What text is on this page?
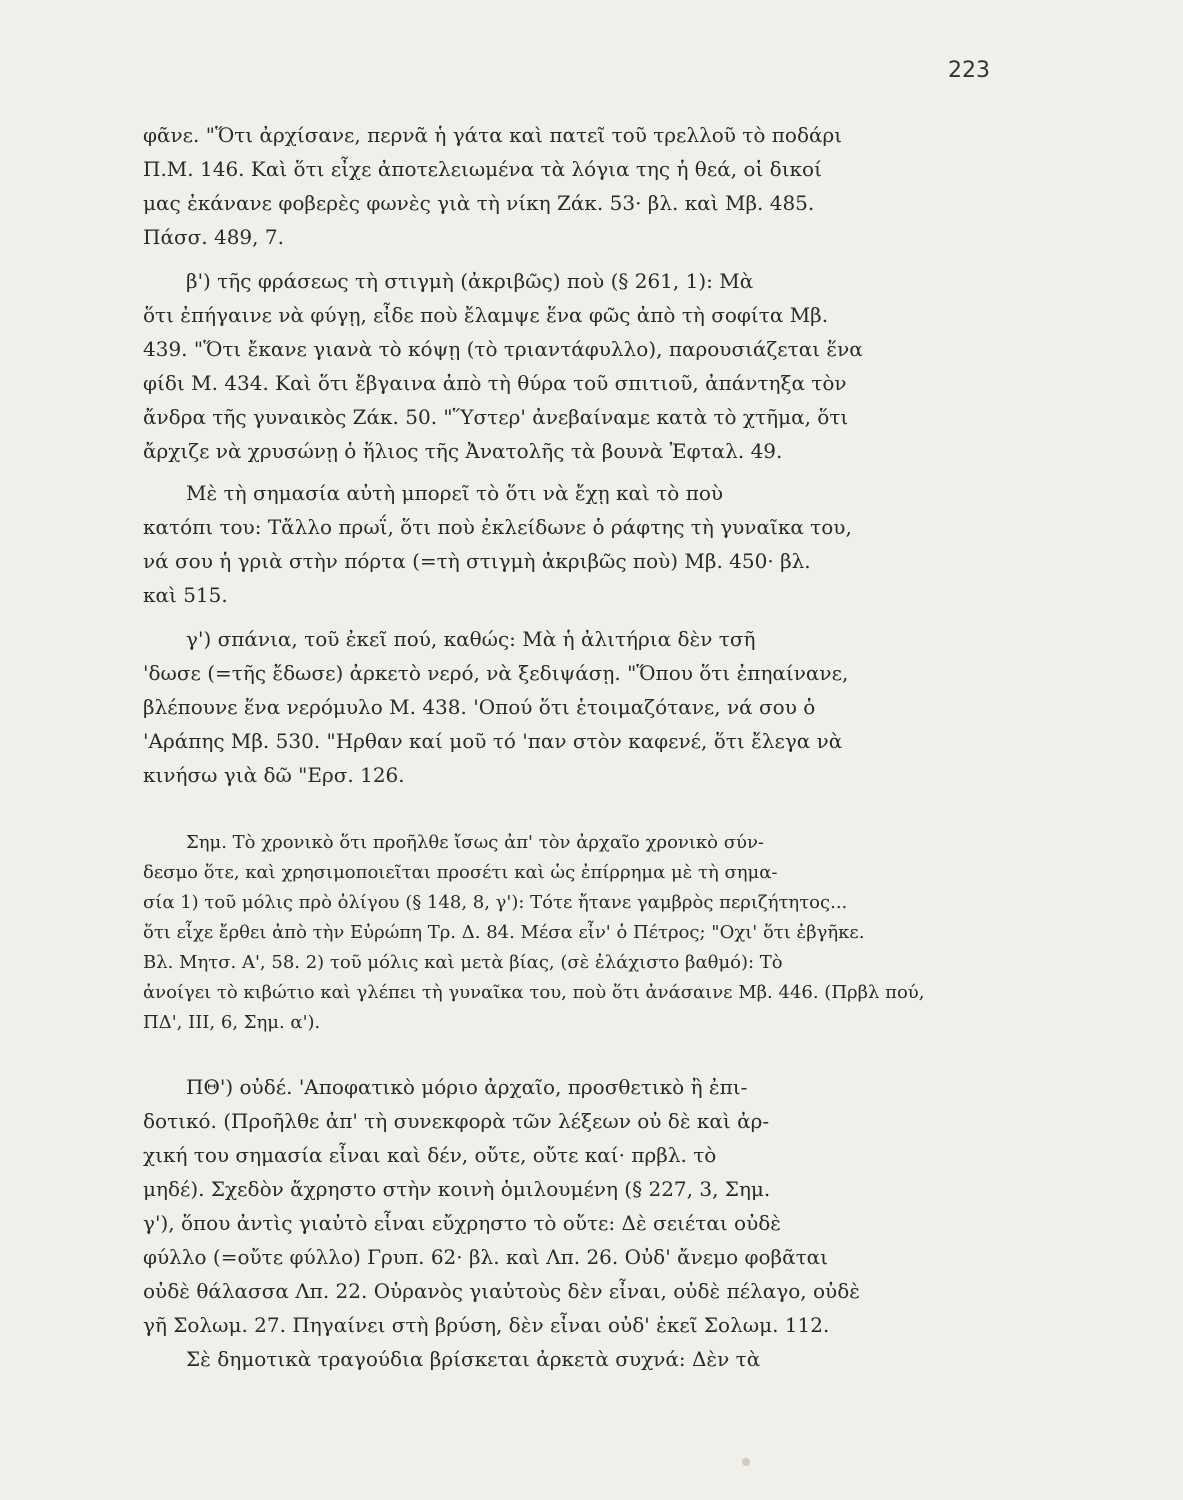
223
φᾶνε. "Ὅτι ἀρχίσανε, περνᾶ ἡ γάτα καὶ πατεῖ τοῦ τρελλοῦ τὸ ποδάρι
Π.Μ. 146. Καὶ ὅτι εἶχε ἀποτελειωμένα τὰ λόγια της ἡ θεά, οἱ δικοί
μας ἐκάνανε φοβερὲς φωνὲς γιὰ τὴ νίκη Ζάκ. 53· βλ. καὶ Μβ. 485.
Πάσσ. 489, 7.
β') τῆς φράσεως τὴ στιγμὴ (ἀκριβῶς) ποὺ (§ 261, 1): Μὰ
ὅτι ἐπήγαινε νὰ φύγῃ, εἶδε ποὺ ἔλαμψε ἕνα φῶς ἀπὸ τὴ σοφίτα Μβ.
439. "Ὅτι ἔκανε γιανὰ τὸ κόψῃ (τὸ τριαντάφυλλο), παρουσιάζεται ἕνα
φίδι Μ. 434. Καὶ ὅτι ἔβγαινα ἀπὸ τὴ θύρα τοῦ σπιτιοῦ, ἀπάντηξα τὸν
ἄνδρα τῆς γυναικὸς Ζάκ. 50. "Ὕστερ' ἀνεβαίναμε κατὰ τὸ χτῆμα, ὅτι
ἄρχιζε νὰ χρυσώνῃ ὁ ἥλιος τῆς Ἀνατολῆς τὰ βουνὰ Ἐφταλ. 49.
Μὲ τὴ σημασία αὐτὴ μπορεῖ τὸ ὅτι νὰ ἔχῃ καὶ τὸ ποὺ
κατόπι του: Τἄλλο πρωΐ, ὅτι ποὺ ἐκλείδωνε ὁ ράφτης τὴ γυναῖκα του,
νά σου ἡ γριὰ στὴν πόρτα (=τὴ στιγμὴ ἀκριβῶς ποὺ) Μβ. 450· βλ.
καὶ 515.
γ') σπάνια, τοῦ ἐκεῖ πού, καθώς: Μὰ ἡ ἀλιτήρια δὲν τσῆ
'δωσε (=τῆς ἔδωσε) ἀρκετὸ νερό, νὰ ξεδιψάσῃ. "Ὅπου ὅτι ἐπηαίνανε,
βλέπουνε ἕνα νερόμυλο Μ. 438. 'Οπού ὅτι ἑτοιμαζότανε, νά σου ὁ
'Αράπης Μβ. 530. "Ηρθαν καί μοῦ τό 'παν στὸν καφενέ, ὅτι ἔλεγα νὰ
κινήσω γιὰ δῶ "Ερσ. 126.
Σημ. Τὸ χρονικὸ ὅτι προῆλθε ἴσως ἀπ' τὸν ἀρχαῖο χρονικὸ σύν-
δεσμο ὅτε, καὶ χρησιμοποιεῖται προσέτι καὶ ὡς ἐπίρρημα μὲ τὴ σημα-
σία 1) τοῦ μόλις πρὸ ὀλίγου (§ 148, 8, γ'): Τότε ἤτανε γαμβρὸς περιζήτητος...
ὅτι εἶχε ἔρθει ἀπὸ τὴν Εὐρώπη Τρ. Δ. 84. Μέσα εἶν' ὁ Πέτρος; "Οχι' ὅτι ἐβγῆκε.
Βλ. Μητσ. Α', 58. 2) τοῦ μόλις καὶ μετὰ βίας, (σὲ ἐλάχιστο βαθμό): Τὸ
ἀνοίγει τὸ κιβώτιο καὶ γλέπει τὴ γυναῖκα του, ποὺ ὅτι ἀνάσαινε Μβ. 446. (Πρβλ πού,
ΠΔ', III, 6, Σημ. α').
ΠΘ') οὐδέ. 'Αποφατικὸ μόριο ἀρχαῖο, προσθετικὸ ἢ ἐπι-
δοτικό. (Προῆλθε ἀπ' τὴ συνεκφορὰ τῶν λέξεων οὐ δὲ καὶ ἀρ-
χική του σημασία εἶναι καὶ δέν, οὔτε, οὔτε καί· πρβλ. τὸ
μηδέ). Σχεδὸν ἄχρηστο στὴν κοινὴ ὁμιλουμένη (§ 227, 3, Σημ.
γ'), ὅπου ἀντὶς γιαὐτὸ εἶναι εὔχρηστο τὸ οὔτε: Δὲ σειέται οὐδὲ
φύλλο (=οὔτε φύλλο) Γρυπ. 62· βλ. καὶ Λπ. 26. Οὐδ' ἄνεμο φοβᾶται
οὐδὲ θάλασσα Λπ. 22. Οὐρανὸς γιαὐτοὺς δὲν εἶναι, οὐδὲ πέλαγο, οὐδὲ
γῆ Σολωμ. 27. Πηγαίνει στὴ βρύση, δὲν εἶναι οὐδ' ἐκεῖ Σολωμ. 112.
Σὲ δημοτικὰ τραγούδια βρίσκεται ἀρκετὰ συχνά: Δὲν τὰ
